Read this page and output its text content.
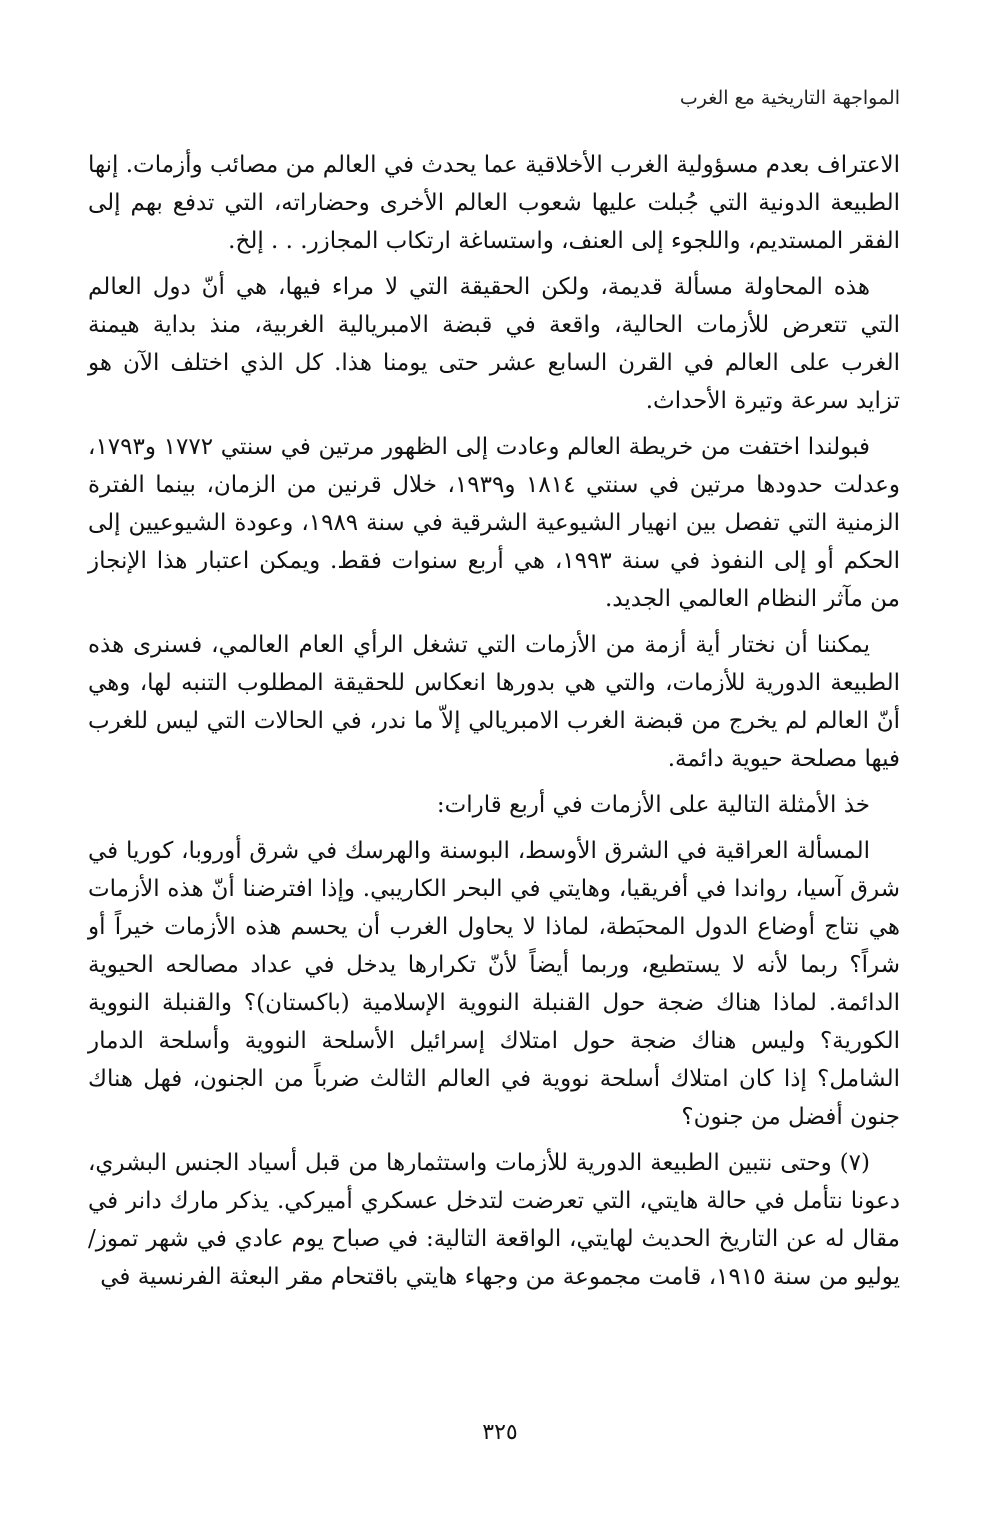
المواجهة التاريخية مع الغرب

الاعتراف بعدم مسؤولية الغرب الأخلاقية عما يحدث في العالم من مصائب وأزمات. إنها الطبيعة الدونية التي جُبلت عليها شعوب العالم الأخرى وحضاراته، التي تدفع بهم إلى الفقر المستديم، واللجوء إلى العنف، واستساغة ارتكاب المجازر. . . إلخ.

هذه المحاولة مسألة قديمة، ولكن الحقيقة التي لا مراء فيها، هي أنّ دول العالم التي تتعرض للأزمات الحالية، واقعة في قبضة الامبريالية الغربية، منذ بداية هيمنة الغرب على العالم في القرن السابع عشر حتى يومنا هذا. كل الذي اختلف الآن هو تزايد سرعة وتيرة الأحداث.

فبولندا اختفت من خريطة العالم وعادت إلى الظهور مرتين في سنتي ١٧٧٢ و١٧٩٣، وعدلت حدودها مرتين في سنتي ١٨١٤ و١٩٣٩، خلال قرنين من الزمان، بينما الفترة الزمنية التي تفصل بين انهيار الشيوعية الشرقية في سنة ١٩٨٩، وعودة الشيوعيين إلى الحكم أو إلى النفوذ في سنة ١٩٩٣، هي أربع سنوات فقط. ويمكن اعتبار هذا الإنجاز من مآثر النظام العالمي الجديد.

يمكننا أن نختار أية أزمة من الأزمات التي تشغل الرأي العام العالمي، فسنرى هذه الطبيعة الدورية للأزمات، والتي هي بدورها انعكاس للحقيقة المطلوب التنبه لها، وهي أنّ العالم لم يخرج من قبضة الغرب الامبريالي إلاّ ما ندر، في الحالات التي ليس للغرب فيها مصلحة حيوية دائمة.

خذ الأمثلة التالية على الأزمات في أربع قارات:

المسألة العراقية في الشرق الأوسط، البوسنة والهرسك في شرق أوروبا، كوريا في شرق آسيا، رواندا في أفريقيا، وهايتي في البحر الكاريبي. وإذا افترضنا أنّ هذه الأزمات هي نتاج أوضاع الدول المحبَطة، لماذا لا يحاول الغرب أن يحسم هذه الأزمات خيراً أو شراً؟ ربما لأنه لا يستطيع، وربما أيضاً لأنّ تكرارها يدخل في عداد مصالحه الحيوية الدائمة. لماذا هناك ضجة حول القنبلة النووية الإسلامية (باكستان)؟ والقنبلة النووية الكورية؟ وليس هناك ضجة حول امتلاك إسرائيل الأسلحة النووية وأسلحة الدمار الشامل؟ إذا كان امتلاك أسلحة نووية في العالم الثالث ضرباً من الجنون، فهل هناك جنون أفضل من جنون؟

(٧) وحتى نتبين الطبيعة الدورية للأزمات واستثمارها من قبل أسياد الجنس البشري، دعونا نتأمل في حالة هايتي، التي تعرضت لتدخل عسكري أميركي. يذكر مارك دانر في مقال له عن التاريخ الحديث لهايتي، الواقعة التالية: في صباح يوم عادي في شهر تموز/ يوليو من سنة ١٩١٥، قامت مجموعة من وجهاء هايتي باقتحام مقر البعثة الفرنسية في

٣٢٥
